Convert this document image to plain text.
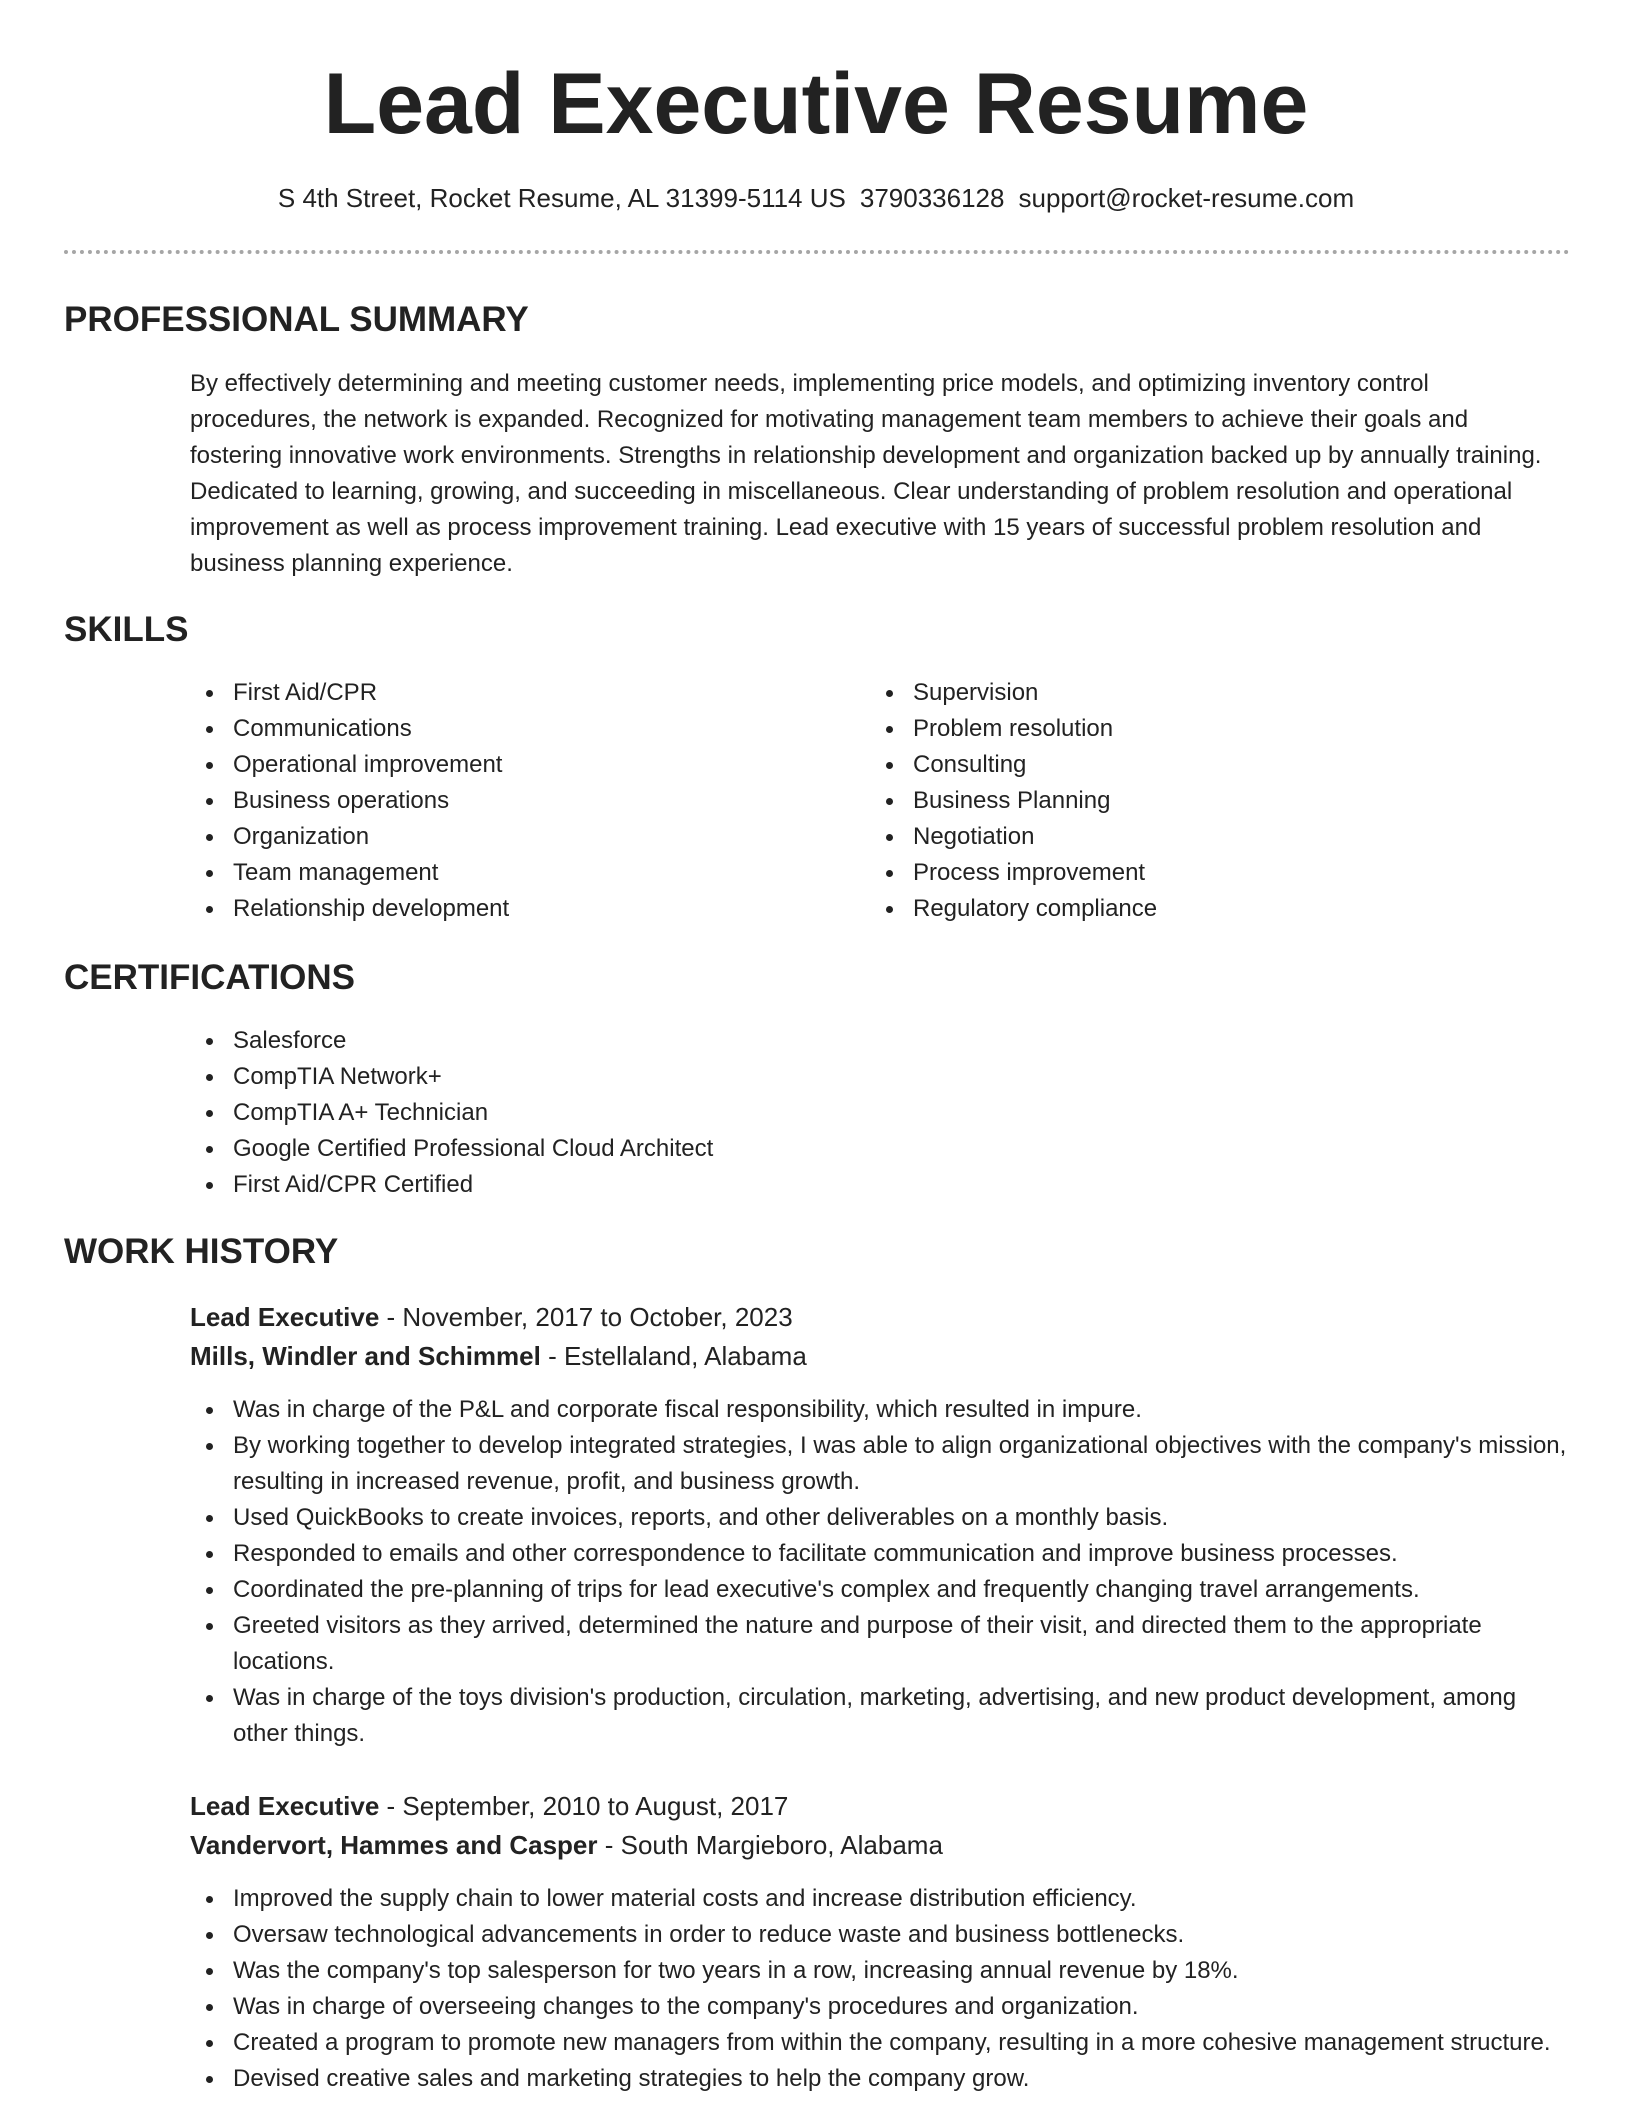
Lead Executive Resume
S 4th Street, Rocket Resume, AL 31399-5114 US 3790336128 support@rocket-resume.com
PROFESSIONAL SUMMARY

By effectively determining and meeting customer needs, implementing price models, and optimizing inventory control procedures, the network is expanded. Recognized for motivating management team members to achieve their goals and fostering innovative work environments. Strengths in relationship development and organization backed up by annually training. Dedicated to learning, growing, and succeeding in miscellaneous. Clear understanding of problem resolution and operational improvement as well as process improvement training. Lead executive with 15 years of successful problem resolution and business planning experience.

SKILLS
First Aid/CPR
Communications
Operational improvement
Business operations
Organization
Team management
Relationship development
Supervision
Problem resolution
Consulting
Business Planning
Negotiation
Process improvement
Regulatory compliance
CERTIFICATIONS
Salesforce
CompTIA Network+
CompTIA A+ Technician
Google Certified Professional Cloud Architect
First Aid/CPR Certified
WORK HISTORY
Lead Executive - November, 2017 to October, 2023
Mills, Windler and Schimmel - Estellaland, Alabama
Was in charge of the P&L and corporate fiscal responsibility, which resulted in impure.
By working together to develop integrated strategies, I was able to align organizational objectives with the company's mission, resulting in increased revenue, profit, and business growth.
Used QuickBooks to create invoices, reports, and other deliverables on a monthly basis.
Responded to emails and other correspondence to facilitate communication and improve business processes.
Coordinated the pre-planning of trips for lead executive's complex and frequently changing travel arrangements.
Greeted visitors as they arrived, determined the nature and purpose of their visit, and directed them to the appropriate locations.
Was in charge of the toys division's production, circulation, marketing, advertising, and new product development, among other things.
Lead Executive - September, 2010 to August, 2017
Vandervort, Hammes and Casper - South Margieboro, Alabama
Improved the supply chain to lower material costs and increase distribution efficiency.
Oversaw technological advancements in order to reduce waste and business bottlenecks.
Was the company's top salesperson for two years in a row, increasing annual revenue by 18%.
Was in charge of overseeing changes to the company's procedures and organization.
Created a program to promote new managers from within the company, resulting in a more cohesive management structure.
Devised creative sales and marketing strategies to help the company grow.
